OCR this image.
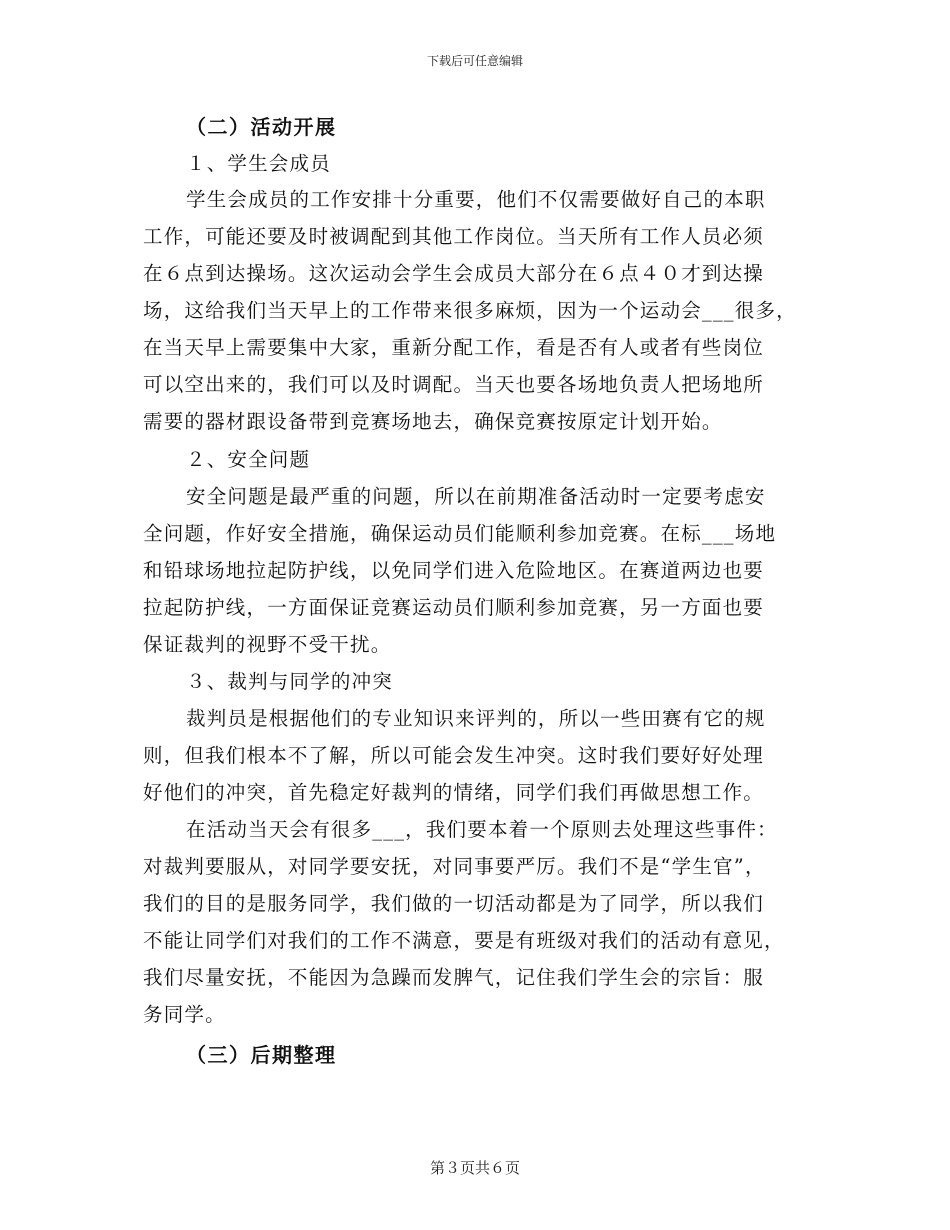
下载后可任意编辑
（二）活动开展
１、学生会成员
学生会成员的工作安排十分重要，他们不仅需要做好自己的本职
工作，可能还要及时被调配到其他工作岗位。当天所有工作人员必须
在６点到达操场。这次运动会学生会成员大部分在６点４０才到达操
场，这给我们当天早上的工作带来很多麻烦，因为一个运动会___很多，
在当天早上需要集中大家，重新分配工作，看是否有人或者有些岗位
可以空出来的，我们可以及时调配。当天也要各场地负责人把场地所
需要的器材跟设备带到竞赛场地去，确保竞赛按原定计划开始。
２、安全问题
安全问题是最严重的问题，所以在前期准备活动时一定要考虑安
全问题，作好安全措施，确保运动员们能顺利参加竞赛。在标___场地
和铅球场地拉起防护线，以免同学们进入危险地区。在赛道两边也要
拉起防护线，一方面保证竞赛运动员们顺利参加竞赛，另一方面也要
保证裁判的视野不受干扰。
３、裁判与同学的冲突
裁判员是根据他们的专业知识来评判的，所以一些田赛有它的规
则，但我们根本不了解，所以可能会发生冲突。这时我们要好好处理
好他们的冲突，首先稳定好裁判的情绪，同学们我们再做思想工作。
在活动当天会有很多___，我们要本着一个原则去处理这些事件：
对裁判要服从，对同学要安抚，对同事要严厉。我们不是“学生官”，
我们的目的是服务同学，我们做的一切活动都是为了同学，所以我们
不能让同学们对我们的工作不满意，要是有班级对我们的活动有意见，
我们尽量安抚，不能因为急躁而发脾气，记住我们学生会的宗旨：服
务同学。
（三）后期整理
第３页共６页
